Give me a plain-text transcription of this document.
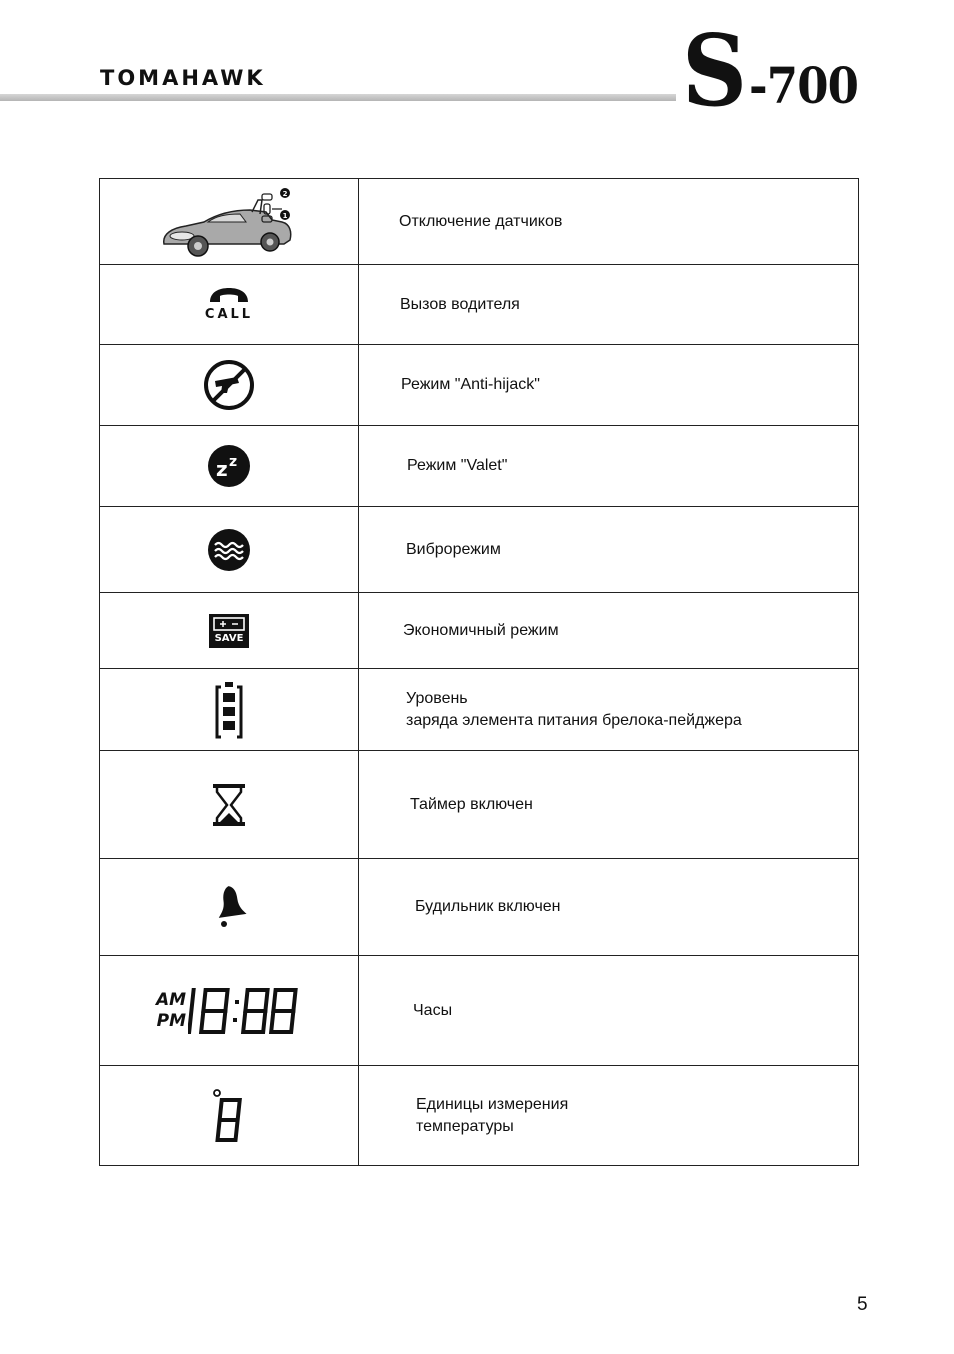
TOMAHAWK	S -700
2
1	Отключение датчиков

CALL	Вызов водителя

	Режим "Anti-hijack"

z z	Режим "Valet"

	Виброрежим

SAVE	Экономичный режим

Уровень
заряда элемента питания брелока-пейджера

	Таймер включен

	Будильник включен

AM
PM	Часы

Единицы измерения
температуры
5
